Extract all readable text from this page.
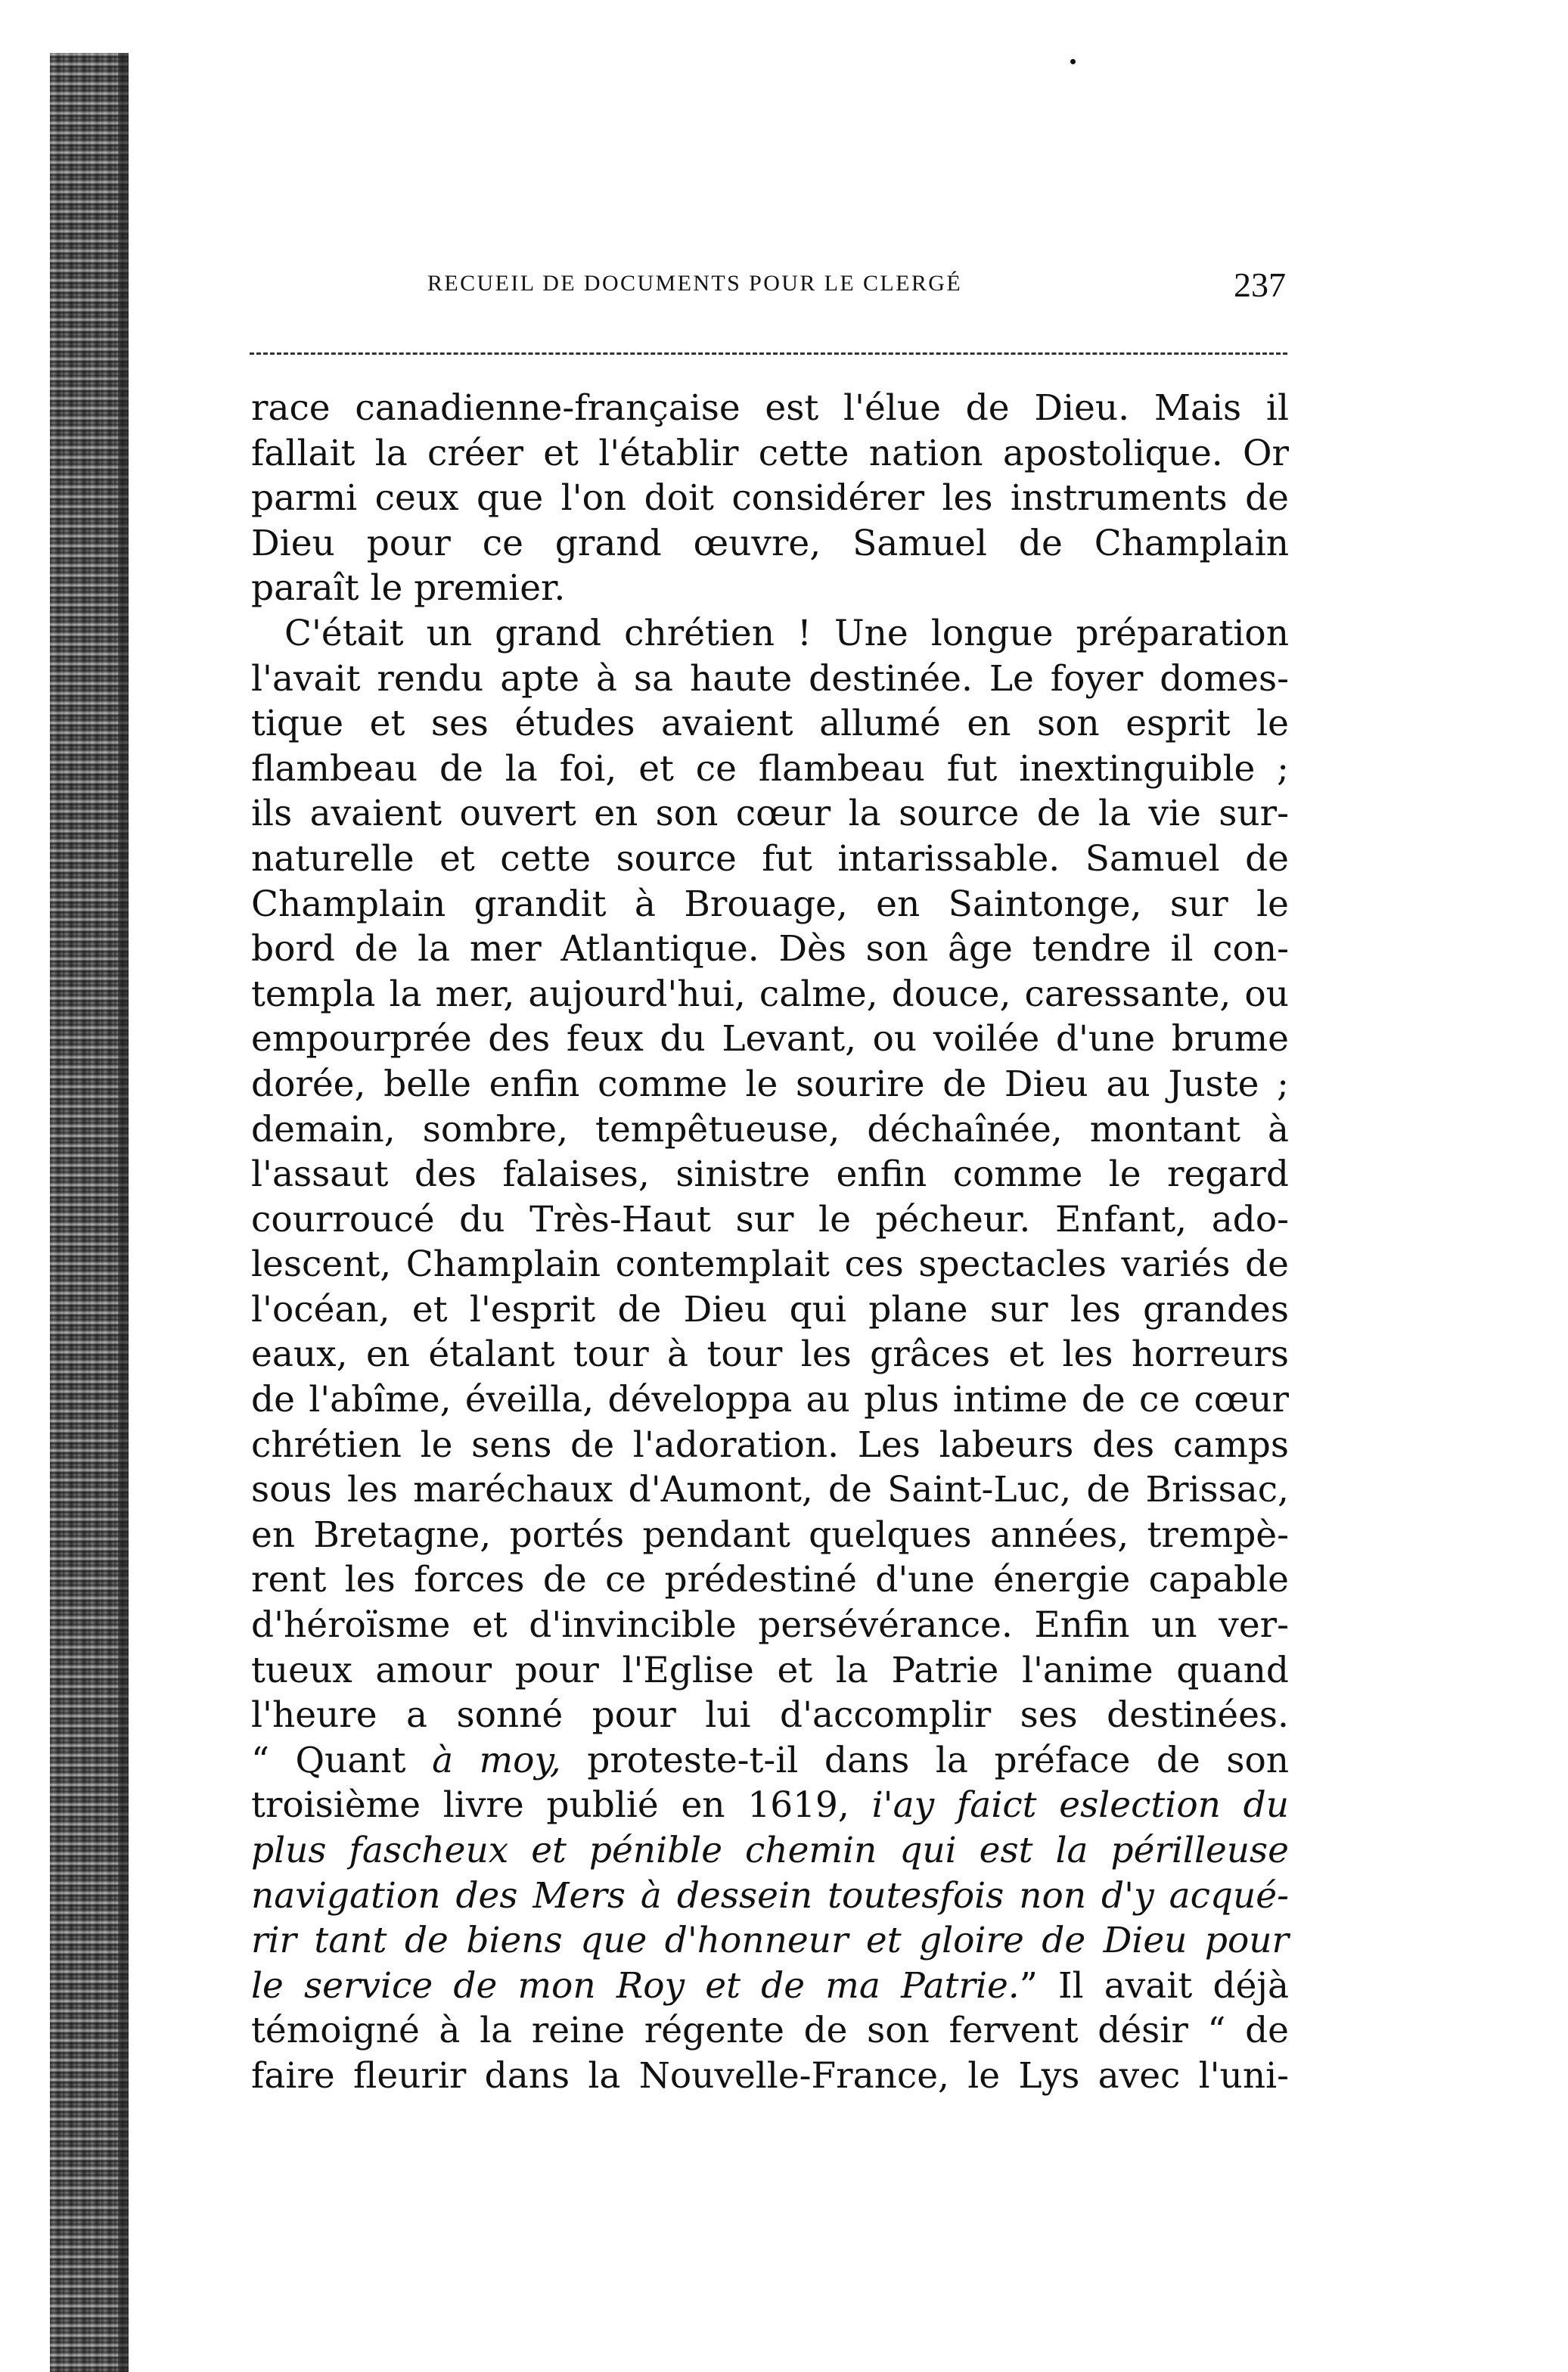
RECUEIL DE DOCUMENTS POUR LE CLERGÉ	237
race canadienne-française est l'élue de Dieu. Mais il
fallait la créer et l'établir cette nation apostolique. Or
parmi ceux que l'on doit considérer les instruments de
Dieu pour ce grand œuvre, Samuel de Champlain
paraît le premier.
C'était un grand chrétien ! Une longue préparation
l'avait rendu apte à sa haute destinée. Le foyer domes-
tique et ses études avaient allumé en son esprit le
flambeau de la foi, et ce flambeau fut inextinguible ;
ils avaient ouvert en son cœur la source de la vie sur-
naturelle et cette source fut intarissable. Samuel de
Champlain grandit à Brouage, en Saintonge, sur le
bord de la mer Atlantique. Dès son âge tendre il con-
templa la mer, aujourd'hui, calme, douce, caressante, ou
empourprée des feux du Levant, ou voilée d'une brume
dorée, belle enfin comme le sourire de Dieu au Juste ;
demain, sombre, tempêtueuse, déchaînée, montant à
l'assaut des falaises, sinistre enfin comme le regard
courroucé du Très-Haut sur le pécheur. Enfant, ado-
lescent, Champlain contemplait ces spectacles variés de
l'océan, et l'esprit de Dieu qui plane sur les grandes
eaux, en étalant tour à tour les grâces et les horreurs
de l'abîme, éveilla, développa au plus intime de ce cœur
chrétien le sens de l'adoration. Les labeurs des camps
sous les maréchaux d'Aumont, de Saint-Luc, de Brissac,
en Bretagne, portés pendant quelques années, trempè-
rent les forces de ce prédestiné d'une énergie capable
d'héroïsme et d'invincible persévérance. Enfin un ver-
tueux amour pour l'Eglise et la Patrie l'anime quand
l'heure a sonné pour lui d'accomplir ses destinées.
“ Quant à moy, proteste-t-il dans la préface de son
troisième livre publié en 1619, i'ay faict eslection du
plus fascheux et pénible chemin qui est la périlleuse
navigation des Mers à dessein toutesfois non d'y acqué-
rir tant de biens que d'honneur et gloire de Dieu pour
le service de mon Roy et de ma Patrie.” Il avait déjà
témoigné à la reine régente de son fervent désir “ de
faire fleurir dans la Nouvelle-France, le Lys avec l'uni-
